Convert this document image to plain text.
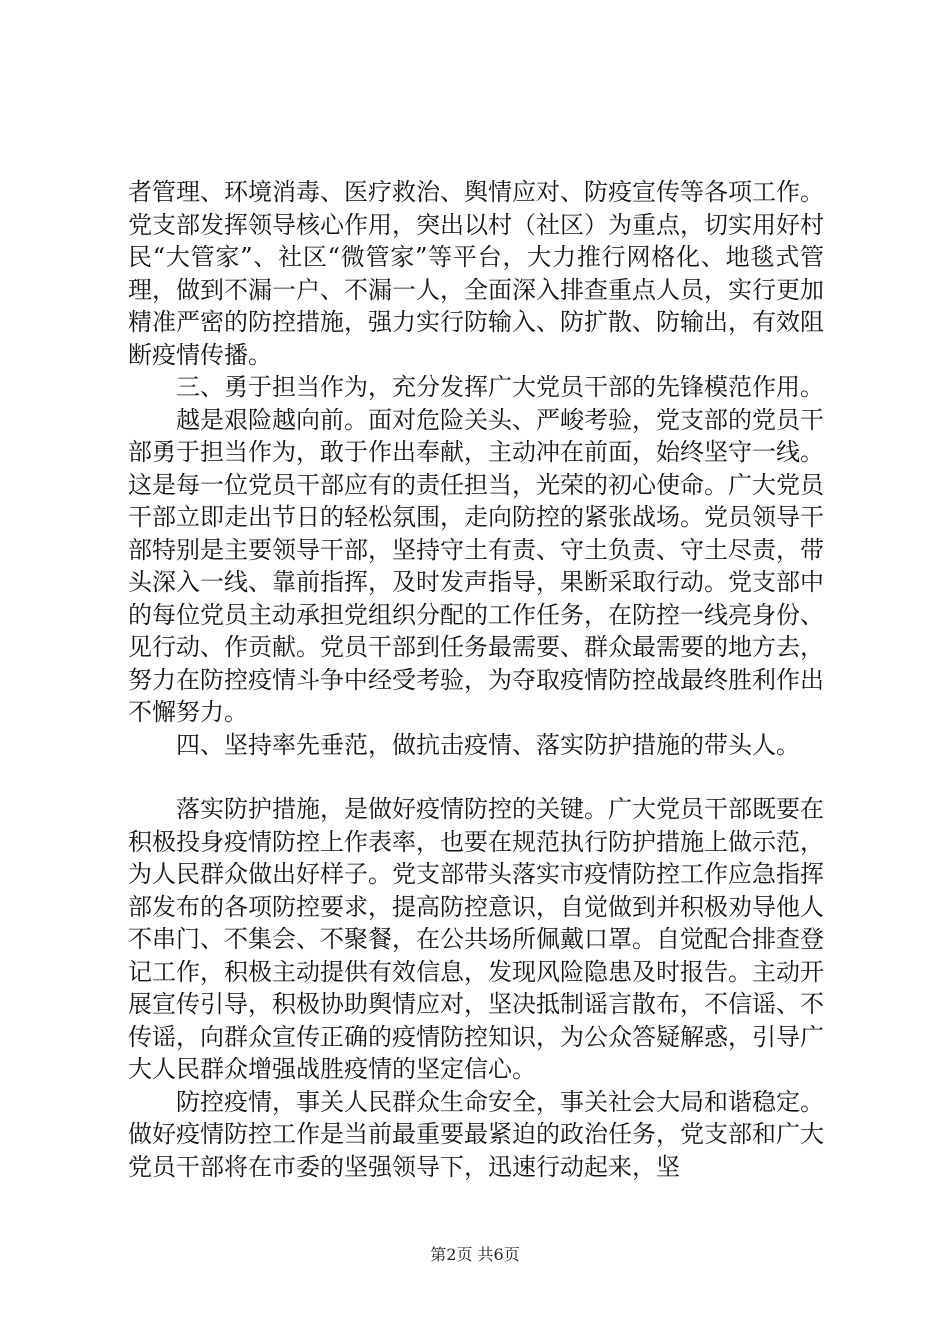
者管理、环境消毒、医疗救治、舆情应对、防疫宣传等各项工作。党支部发挥领导核心作用，突出以村（社区）为重点，切实用好村民“大管家”、社区“微管家”等平台，大力推行网格化、地毯式管理，做到不漏一户、不漏一人，全面深入排查重点人员，实行更加精准严密的防控措施，强力实行防输入、防扩散、防输出，有效阻断疫情传播。

三、勇于担当作为，充分发挥广大党员干部的先锋模范作用。

越是艰险越向前。面对危险关头、严峻考验，党支部的党员干部勇于担当作为，敢于作出奉献，主动冲在前面，始终坚守一线。这是每一位党员干部应有的责任担当，光荣的初心使命。广大党员干部立即走出节日的轻松氛围，走向防控的紧张战场。党员领导干部特别是主要领导干部，坚持守土有责、守土负责、守土尽责，带头深入一线、靠前指挥，及时发声指导，果断采取行动。党支部中的每位党员主动承担党组织分配的工作任务，在防控一线亮身份、见行动、作贡献。党员干部到任务最需要、群众最需要的地方去，努力在防控疫情斗争中经受考验，为夺取疫情防控战最终胜利作出不懈努力。

四、坚持率先垂范，做抗击疫情、落实防护措施的带头人。

落实防护措施，是做好疫情防控的关键。广大党员干部既要在积极投身疫情防控上作表率，也要在规范执行防护措施上做示范，为人民群众做出好样子。党支部带头落实市疫情防控工作应急指挥部发布的各项防控要求，提高防控意识，自觉做到并积极劝导他人不串门、不集会、不聚餐，在公共场所佩戴口罩。自觉配合排查登记工作，积极主动提供有效信息，发现风险隐患及时报告。主动开展宣传引导，积极协助舆情应对，坚决抵制谣言散布，不信谣、不传谣，向群众宣传正确的疫情防控知识，为公众答疑解惑，引导广大人民群众增强战胜疫情的坚定信心。

防控疫情，事关人民群众生命安全，事关社会大局和谐稳定。做好疫情防控工作是当前最重要最紧迫的政治任务，党支部和广大党员干部将在市委的坚强领导下，迅速行动起来，坚

第2页 共6页
